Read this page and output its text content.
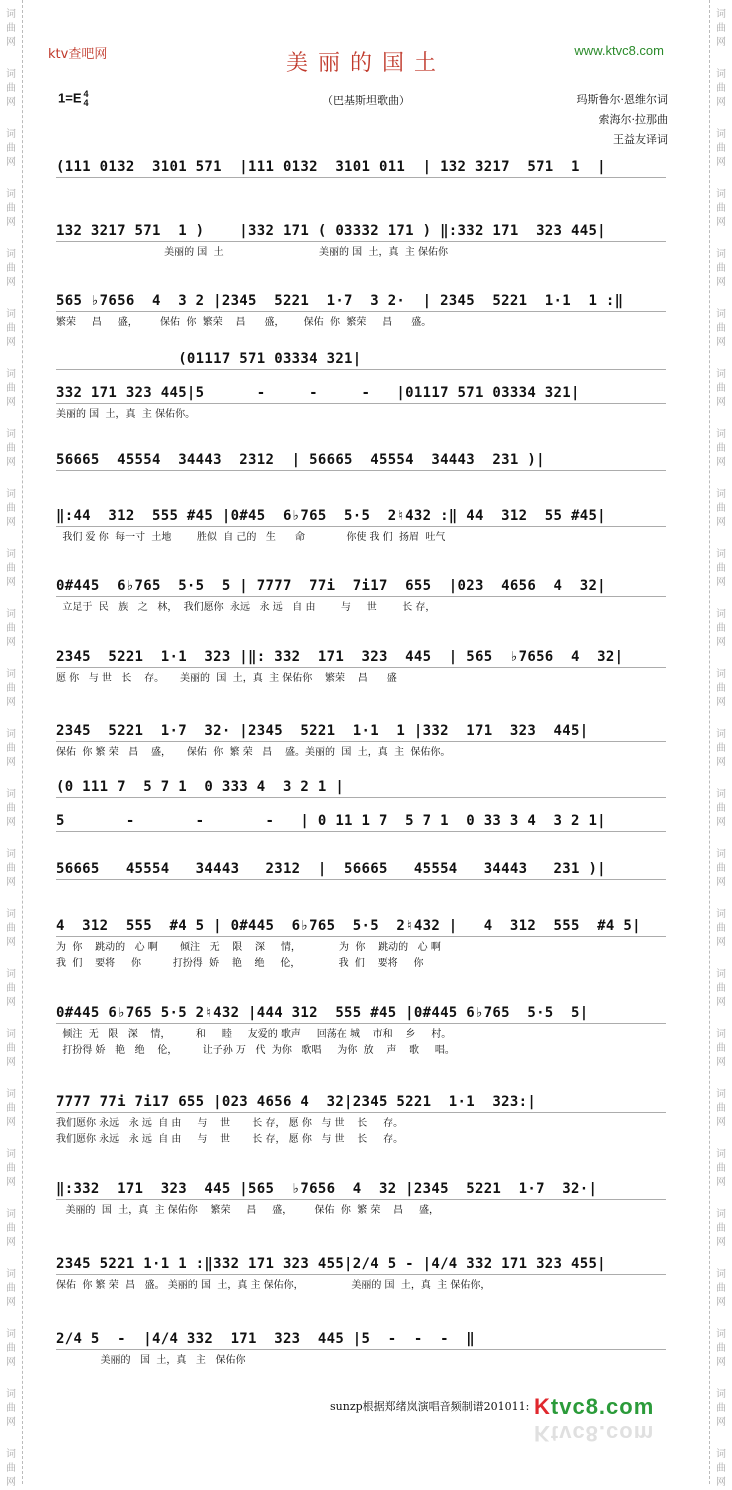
词
曲
网
词
曲
网
词
曲
网
词
曲
网
词
曲
网
词
曲
网
词
曲
网
词
曲
网
词
曲
网
词
曲
网
词
曲
网
词
曲
网
词
曲
网
词
曲
网
词
曲
网
词
曲
网
词
曲
网
词
曲
网
词
曲
网
词
曲
网
词
曲
网
词
曲
网
词
曲
网
词
曲
网
词
曲
网
词
曲
网
词
曲
网
词
曲
网
词
曲
网
词
曲
网
词
曲
网
词
曲
网
词
曲
网
词
曲
网
词
曲
网
词
曲
网
词
曲
网
词
曲
网
词
曲
网
词
曲
网
词
曲
网
词
曲
网
词
曲
网
词
曲
网
词
曲
网
词
曲
网
词
曲
网
词
曲
网
词
曲
网
词
曲
网
ktv查吧网	www.ktvc8.com
美丽的国土
1=E 4
4	（巴基斯坦歌曲）	玛斯鲁尔·恩维尔词
索海尔·拉那曲
王益友译词
(111 0132  3101 571  |111 0132  3101 011  | 132 3217  571  1  |
132 3217 571  1 )    |332 171 ( 03332 171 ) ‖:332 171  323 445|
美丽的 国  土                              美丽的 国  土，真  主 保佑你
565 ♭7656  4  3 2 |2345  5221  1·7  3 2·  | 2345  5221  1·1  1 :‖
繁荣     昌     盛，       保佑  你  繁荣    昌      盛，      保佑  你  繁荣     昌      盛。
(01117 571 03334 321|
332 171 323 445|5      -     -     -   |01117 571 03334 321|
美丽的 国  土，真  主 保佑你。
56665  45554  34443  2312  | 56665  45554  34443  231 )|
‖:44  312  555 #45 |0#45  6♭765  5·5  2♮432 :‖ 44  312  55 #45|
我们 爱 你  每一寸  土地        胜似  自 己的   生      命             你使 我 们  扬眉  吐气
0#445  6♭765  5·5  5 | 7777  77i  7i17  655  |023  4656  4  32|
立足于  民   族   之   林，  我们愿你  永远   永 远   自 由        与     世        长 存，
2345  5221  1·1  323 |‖: 332  171  323  445  | 565  ♭7656  4  32|
愿 你   与 世   长    存。     美丽的  国  土，真  主 保佑你    繁荣    昌      盛
2345  5221  1·7  32· |2345  5221  1·1  1 |332  171  323  445|
保佑  你 繁 荣   昌    盛，     保佑  你  繁 荣   昌    盛。美丽的  国  土，真  主  保佑你。
(0 111 7  5 7 1  0 333 4  3 2 1 |
5       -       -       -   | 0 11 1 7  5 7 1  0 33 3 4  3 2 1|
56665   45554   34443   2312  |  56665   45554   34443   231 )|
4  312  555  #4 5 | 0#445  6♭765  5·5  2♮432 |   4  312  555  #4 5|
为  你    跳动的   心 啊       倾注   无    限    深     情，            为  你    跳动的   心 啊
我  们    要将     你          打扮得  娇    艳    绝     伦，            我  们    要将     你
0#445 6♭765 5·5 2♮432 |444 312  555 #45 |0#445 6♭765  5·5  5|
倾注  无   限   深    情，        和     睦     友爱的 歌声     回荡在 城    市和    乡     村。
打扮得 娇   艳   绝    伦，        让子孙 万   代  为你   歌唱     为你  放    声    歌     唱。
7777 77i 7i17 655 |023 4656 4  32|2345 5221  1·1  323:|
我们愿你 永远   永 远  自 由     与    世       长 存， 愿 你   与 世    长     存。
我们愿你 永远   永 远  自 由     与    世       长 存， 愿 你   与 世    长     存。
‖:332  171  323  445 |565  ♭7656  4  32 |2345  5221  1·7  32·|
美丽的  国  土，真  主 保佑你    繁荣     昌     盛，       保佑  你  繁 荣    昌     盛，
2345 5221 1·1 1 :‖332 171 323 455|2/4 5 - |4/4 332 171 323 455|
保佑  你 繁 荣  昌   盛。 美丽的 国  土，真 主 保佑你，               美丽的 国  土，真  主 保佑你，
2/4 5  -  |4/4 332  171  323  445 |5  -  -  -  ‖
美丽的   国  土，真   主   保佑你
sunzp根据郑绪岚演唱音频制谱201011: Ktvc8.com
Ktvc8.com
